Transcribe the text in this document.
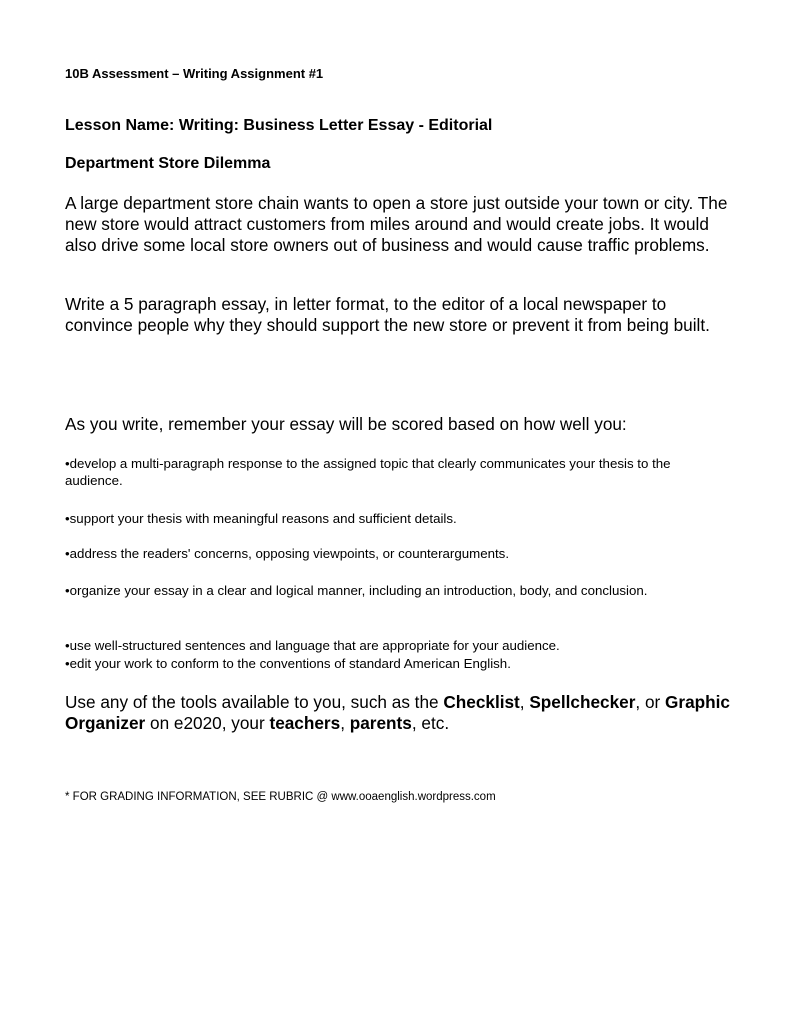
10B Assessment – Writing Assignment #1
Lesson Name: Writing: Business Letter Essay - Editorial
Department Store Dilemma
A large department store chain wants to open a store just outside your town or city. The new store would attract customers from miles around and would create jobs. It would also drive some local store owners out of business and would cause traffic problems.
Write a 5 paragraph essay, in letter format, to the editor of a local newspaper to convince people why they should support the new store or prevent it from being built.
As you write, remember your essay will be scored based on how well you:
•develop a multi-paragraph response to the assigned topic that clearly communicates your thesis to the audience.
•support your thesis with meaningful reasons and sufficient details.
•address the readers' concerns, opposing viewpoints, or counterarguments.
•organize your essay in a clear and logical manner, including an introduction, body, and conclusion.
•use well-structured sentences and language that are appropriate for your audience.
•edit your work to conform to the conventions of standard American English.
Use any of the tools available to you, such as the Checklist, Spellchecker, or Graphic Organizer on e2020, your teachers, parents, etc.
* FOR GRADING INFORMATION, SEE RUBRIC @ www.ooaenglish.wordpress.com
